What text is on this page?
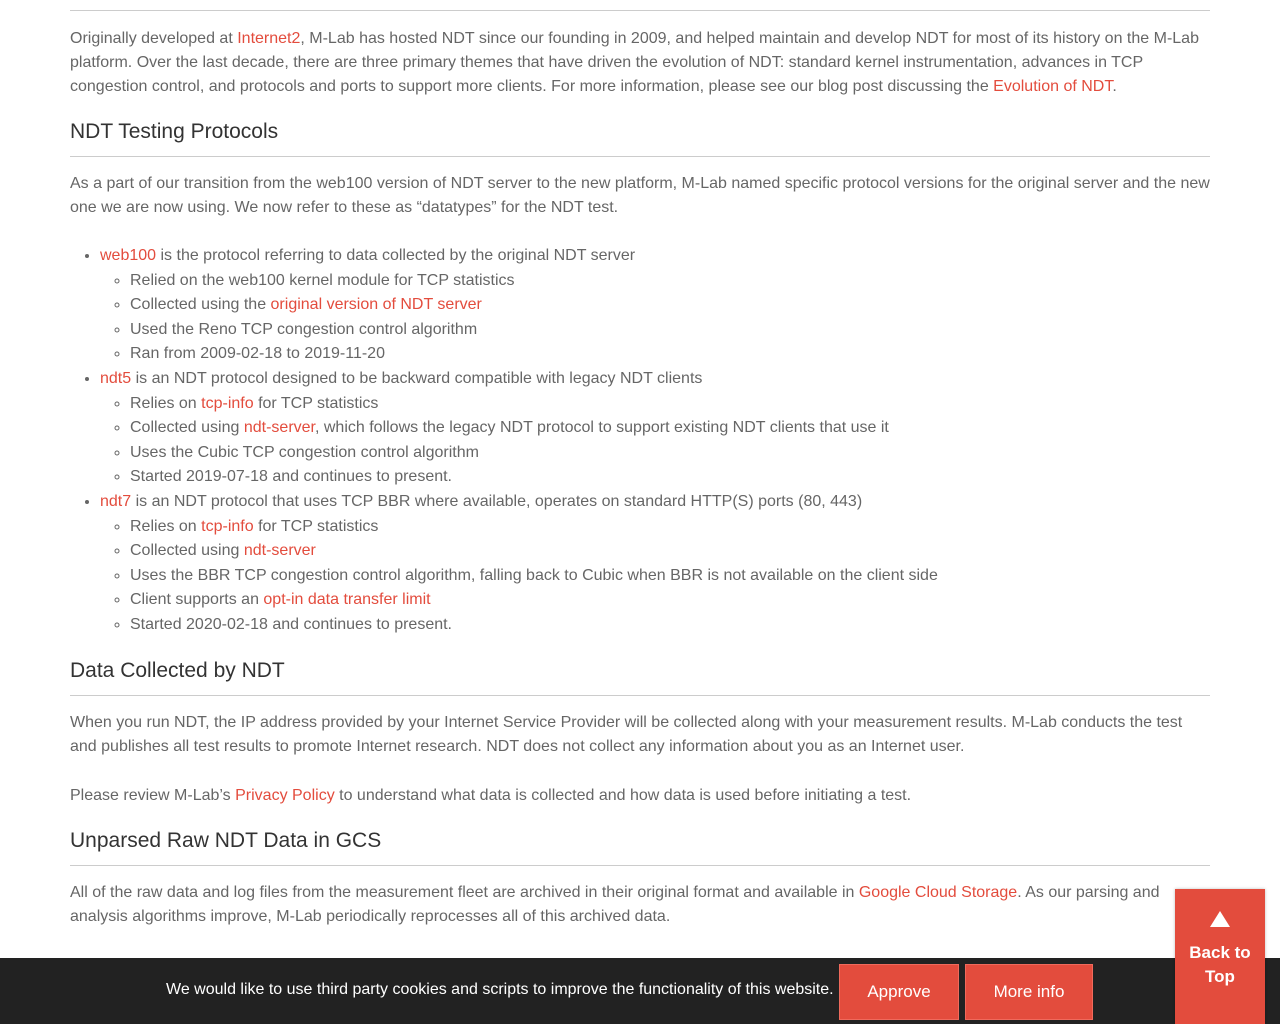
Originally developed at Internet2, M-Lab has hosted NDT since our founding in 2009, and helped maintain and develop NDT for most of its history on the M-Lab platform. Over the last decade, there are three primary themes that have driven the evolution of NDT: standard kernel instrumentation, advances in TCP congestion control, and protocols and ports to support more clients. For more information, please see our blog post discussing the Evolution of NDT.

NDT Testing Protocols

As a part of our transition from the web100 version of NDT server to the new platform, M-Lab named specific protocol versions for the original server and the new one we are now using. We now refer to these as “datatypes” for the NDT test.

• web100 is the protocol referring to data collected by the original NDT server
◦ Relied on the web100 kernel module for TCP statistics
◦ Collected using the original version of NDT server
◦ Used the Reno TCP congestion control algorithm
◦ Ran from 2009-02-18 to 2019-11-20
• ndt5 is an NDT protocol designed to be backward compatible with legacy NDT clients
◦ Relies on tcp-info for TCP statistics
◦ Collected using ndt-server, which follows the legacy NDT protocol to support existing NDT clients that use it
◦ Uses the Cubic TCP congestion control algorithm
◦ Started 2019-07-18 and continues to present.
• ndt7 is an NDT protocol that uses TCP BBR where available, operates on standard HTTP(S) ports (80, 443)
◦ Relies on tcp-info for TCP statistics
◦ Collected using ndt-server
◦ Uses the BBR TCP congestion control algorithm, falling back to Cubic when BBR is not available on the client side
◦ Client supports an opt-in data transfer limit
◦ Started 2020-02-18 and continues to present.
Data Collected by NDT

When you run NDT, the IP address provided by your Internet Service Provider will be collected along with your measurement results. M-Lab conducts the test and publishes all test results to promote Internet research. NDT does not collect any information about you as an Internet user.

Please review M-Lab’s Privacy Policy to understand what data is collected and how data is used before initiating a test.

Unparsed Raw NDT Data in GCS

All of the raw data and log files from the measurement fleet are archived in their original format and available in Google Cloud Storage. As our parsing and analysis algorithms improve, M-Lab periodically reprocesses all of this archived data.

We would like to use third party cookies and scripts to improve the functionality of this website.	Approve	More info
Back to Top
